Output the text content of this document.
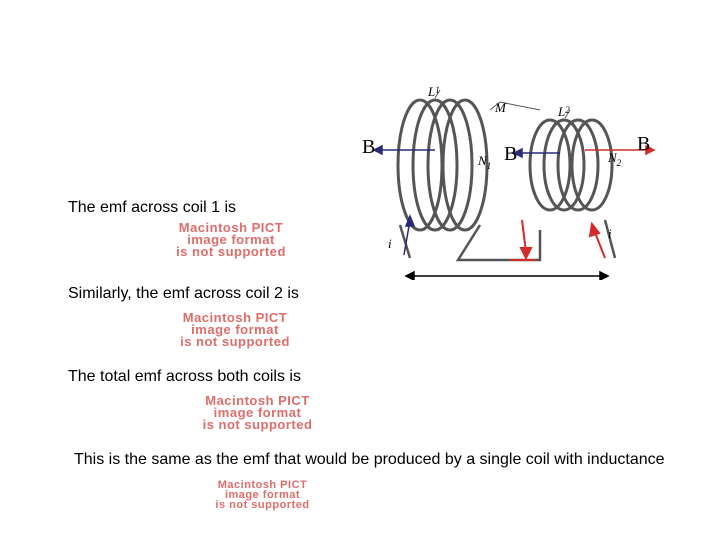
$L^1$
M	$L^2$
$N_1$
$N_2$
i
i
B	B	B
The emf across coil 1 is
Macintosh PICT
image format
is not supported
Similarly, the emf across coil 2 is
Macintosh PICT
image format
is not supported
The total emf across both coils is
Macintosh PICT
image format
is not supported
This is the same as the emf that would be produced by a single coil with inductance
Macintosh PICT
image format
is not supported
